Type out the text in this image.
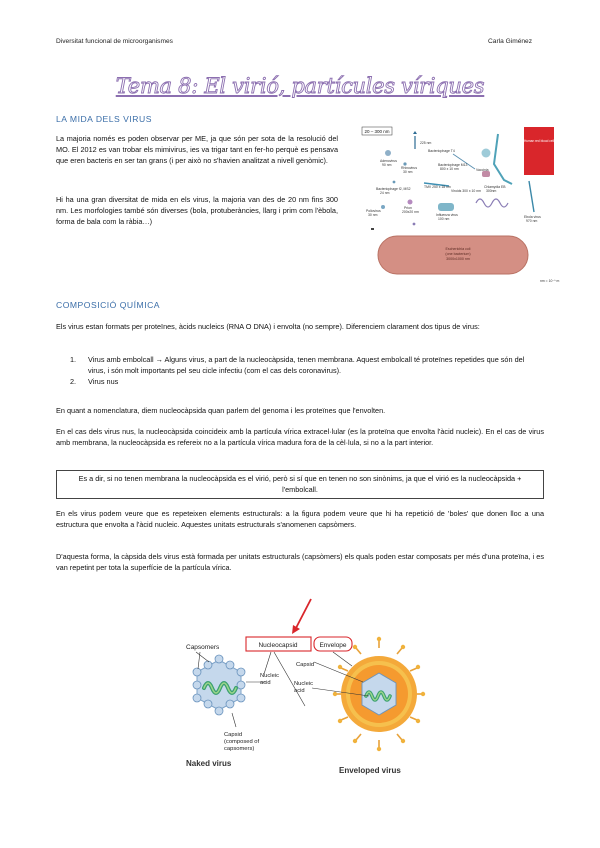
Diversitat funcional de microorganismes	Carla Giménez
Tema 8: El virió, partícules víriques
LA MIDA DELS VIRUS
La majoria només es poden observar per ME, ja que són per sota de la resolució del MO. El 2012 es van trobar els mimivirus, ies va trigar tant en fer-ho perquè es pensava que eren bacteris en ser tan grans (i per això no s'havien analitzat a nivell genòmic).
Hi ha una gran diversitat de mida en els virus, la majoria van des de 20 nm fins 300 nm. Les morfologies també són diverses (bola, protuberàncies, llarg i prim com l'èbola, forma de bala com la ràbia…)
20 – 300 nm
Human red blood cell
225 nm
Bacteriophage T4
Adenovirus
90 nm
Rhinovirus
30 nm
Bacteriophage M13
800 x 10 nm
TMV 250 x 18 nm
Bacteriophage f2, MS2
24 nm	Viroids 300 x 10 nm
Vaccinia
Chlamydia EB
300nm
Poliovirus
30 nm
Prion
200x20 nm
Influenza virus
100 nm	Ebola virus
970 nm
nm = 10⁻⁹ m
Escherichia coli
(one bacterium)
3000x1000 nm
COMPOSICIÓ QUÍMICA
Els virus estan formats per proteïnes, àcids nucleics (RNA O DNA) i envolta (no sempre). Diferenciem clarament dos tipus de virus:
1. Virus amb embolcall → Alguns virus, a part de la nucleocàpsida, tenen membrana. Aquest embolcall té proteïnes repetides que són del virus, i són molt importants pel seu cicle infectiu (com el cas dels coronavirus).
2. Virus nus
En quant a nomenclatura, diem nucleocàpsida quan parlem del genoma i les proteïnes que l'envolten.
En el cas dels virus nus, la nucleocàpsida coincideix amb la partícula vírica extracel·lular (es la proteïna que envolta l'àcid nucleic). En el cas de virus amb membrana, la nucleocàpsida es refereix no a la partícula vírica madura fora de la cèl·lula, si no a la part interior.
Es a dir, si no tenen membrana la nucleocàpsida es el virió, però si sí que en tenen no son sinònims, ja que el virió es la nucleocàpsida + l'embolcall.
En els virus podem veure que es repeteixen elements estructurals: a la figura podem veure que hi ha repetició de 'boles' que donen lloc a una estructura que envolta a l'àcid nucleic. Aquestes unitats estructurals s'anomenen capsòmers.
D'aquesta forma, la càpsida dels virus està formada per unitats estructurals (capsòmers) els quals poden estar composats per més d'una proteïna, i es van repetint per tota la superfície de la partícula vírica.
Capsomers	Nucleocapsid	Envelope
Nucleic
acid
Capsid
(composed of
capsomers)
Capsid
Nucleic
acid
Naked virus
Enveloped virus
